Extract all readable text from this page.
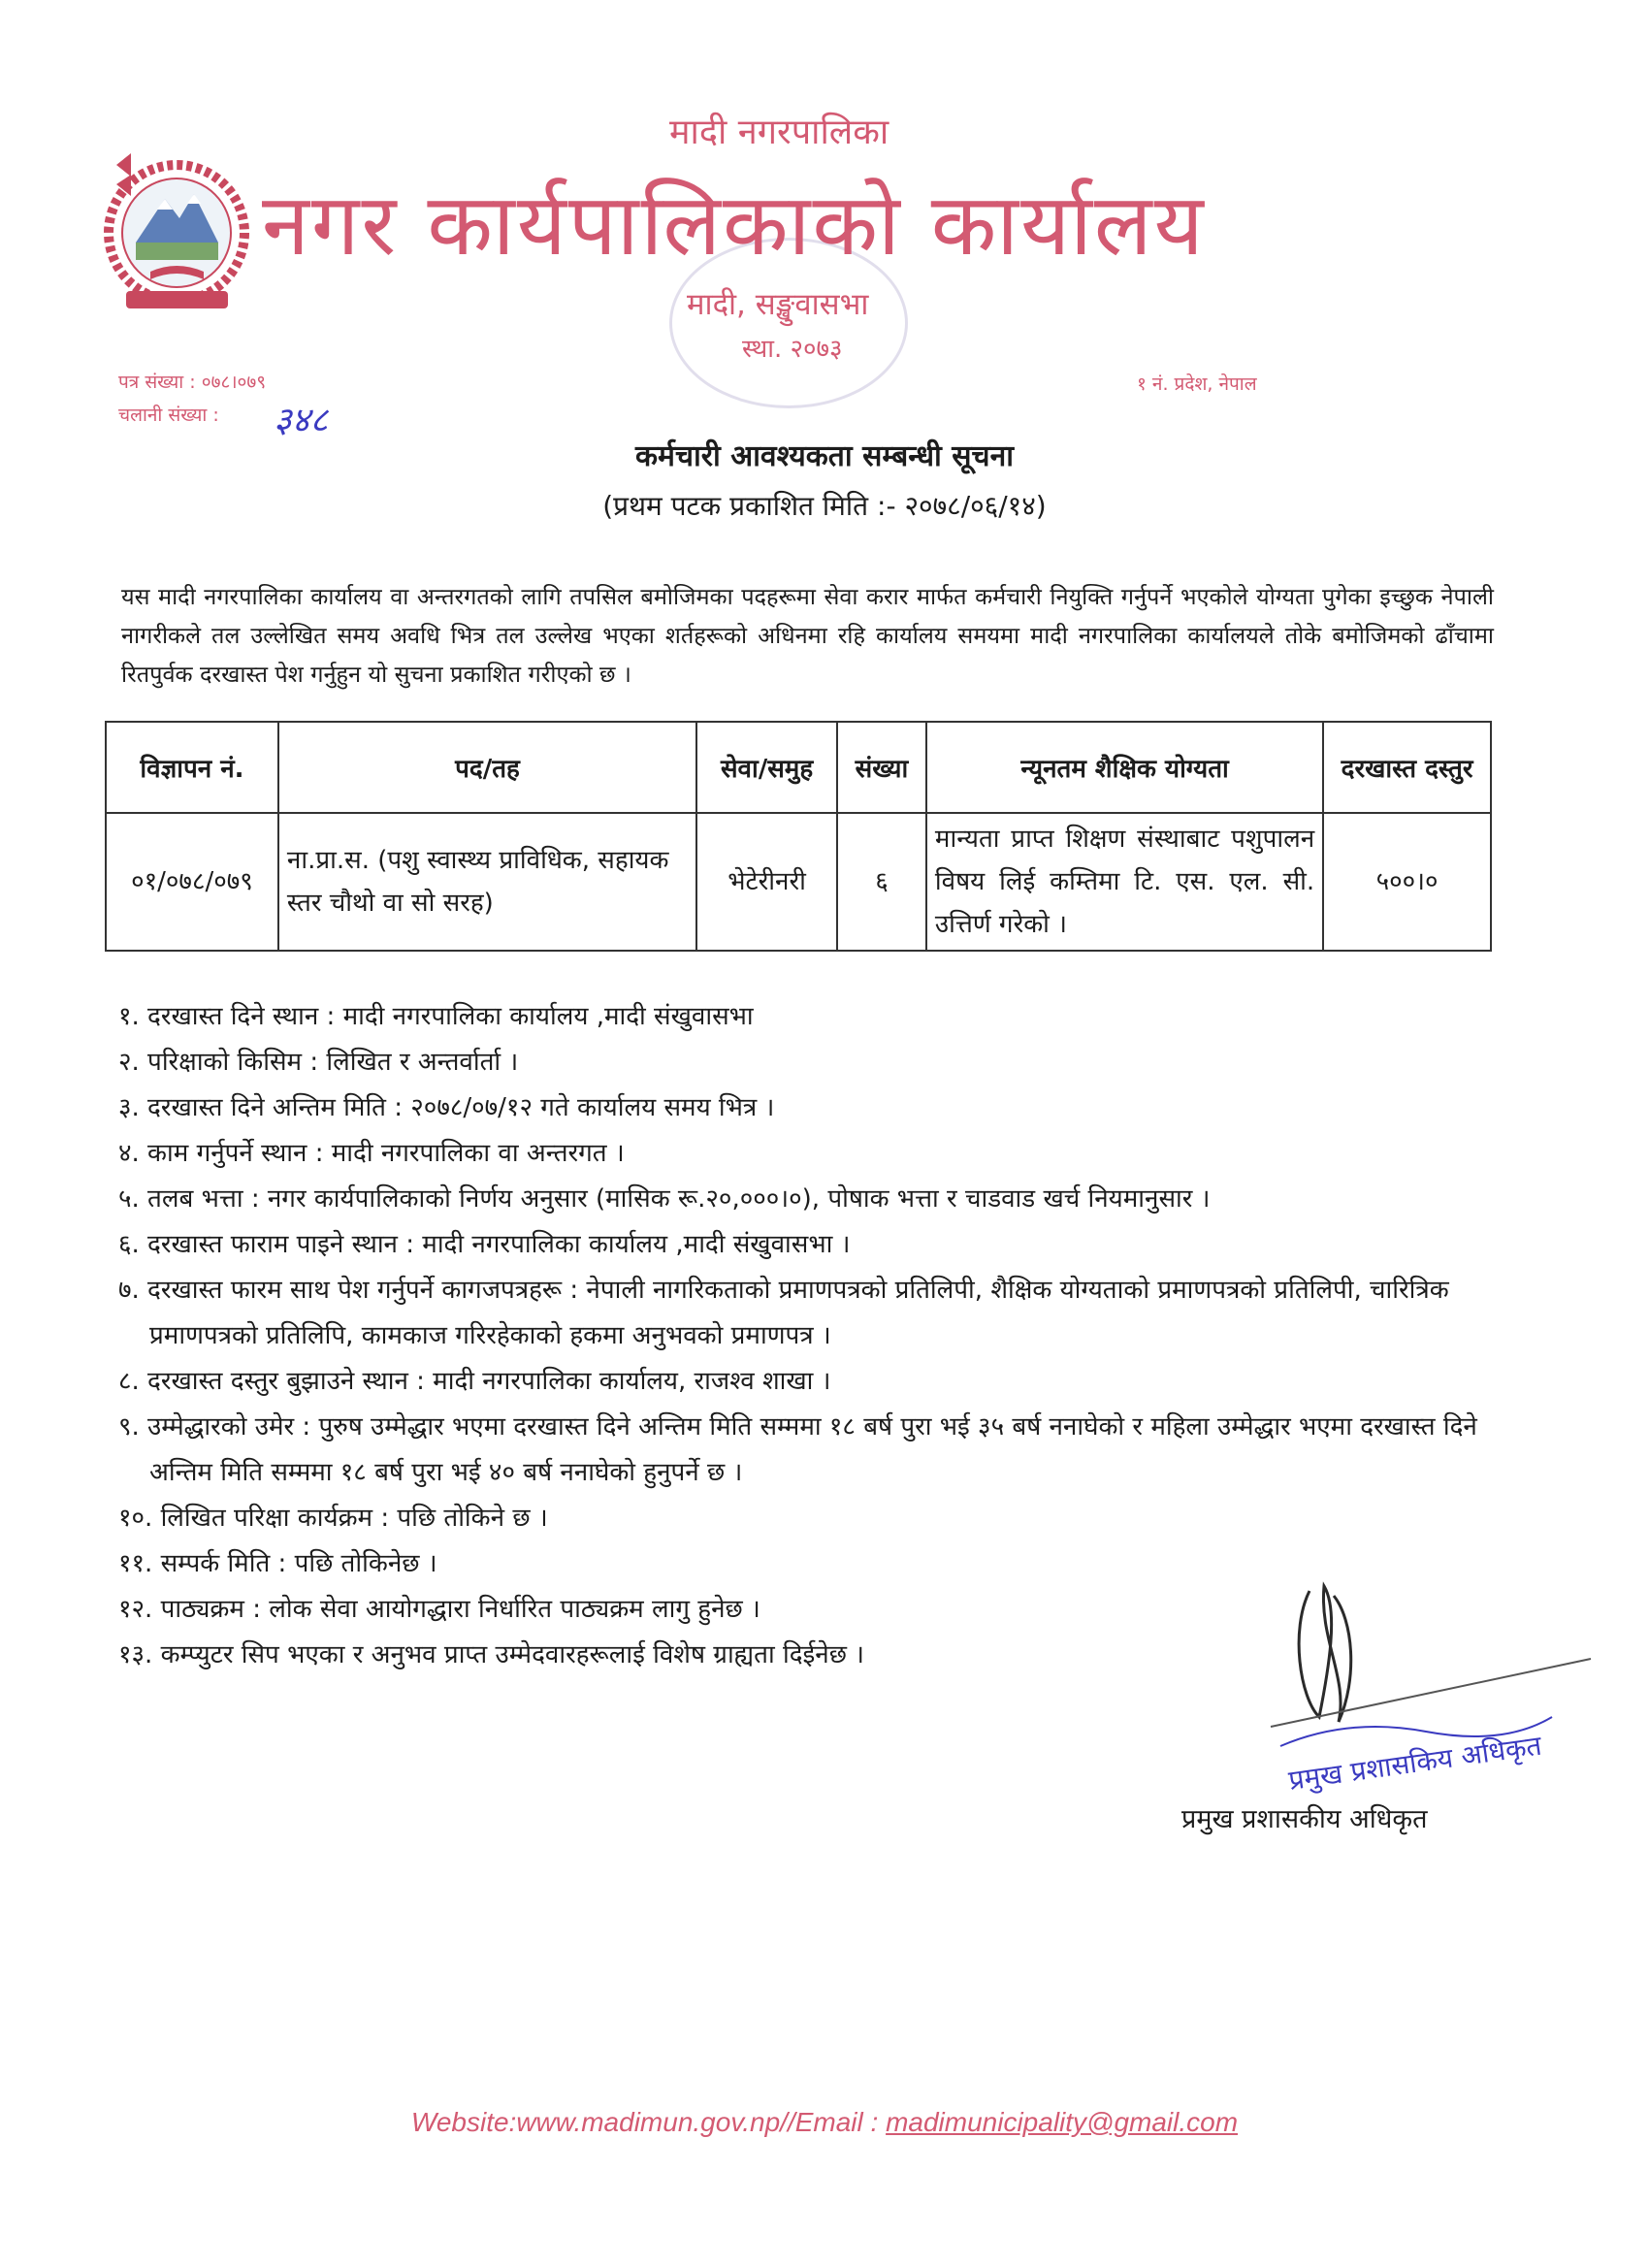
मादी नगरपालिका
नगर कार्यपालिकाको कार्यालय
मादी, सङ्खुवासभा
स्था. २०७३
पत्र संख्या : ०७८।०७९
चलानी संख्या : ३४८
१ नं. प्रदेश, नेपाल
कर्मचारी आवश्यकता सम्बन्धी सूचना
(प्रथम पटक प्रकाशित मिति :- २०७८/०६/१४)
यस मादी नगरपालिका कार्यालय वा अन्तरगतको लागि तपसिल बमोजिमका पदहरूमा सेवा करार मार्फत कर्मचारी नियुक्ति गर्नुपर्ने भएकोले योग्यता पुगेका इच्छुक नेपाली नागरीकले तल उल्लेखित समय अवधि भित्र तल उल्लेख भएका शर्तहरूको अधिनमा रहि कार्यालय समयमा मादी नगरपालिका कार्यालयले तोके बमोजिमको ढाँचामा रितपुर्वक दरखास्त पेश गर्नुहुन यो सुचना प्रकाशित गरीएको छ ।
विज्ञापन नं.	पद/तह	सेवा/समुह	संख्या	न्यूनतम शैक्षिक योग्यता	दरखास्त दस्तुर
०१/०७८/०७९	ना.प्रा.स. (पशु स्वास्थ्य प्राविधिक, सहायक स्तर चौथो वा सो सरह)	भेटेरीनरी	६	मान्यता प्राप्त शिक्षण संस्थाबाट पशुपालन विषय लिई कम्तिमा टि. एस. एल. सी. उत्तिर्ण गरेको ।	५००।०
१. दरखास्त दिने स्थान : मादी नगरपालिका कार्यालय ,मादी संखुवासभा
२. परिक्षाको किसिम : लिखित र अन्तर्वार्ता ।
३. दरखास्त दिने अन्तिम मिति : २०७८/०७/१२ गते कार्यालय समय भित्र ।
४. काम गर्नुपर्ने स्थान : मादी नगरपालिका वा अन्तरगत ।
५. तलब भत्ता : नगर कार्यपालिकाको निर्णय अनुसार (मासिक रू.२०,०००।०), पोषाक भत्ता र चाडवाड खर्च नियमानुसार ।
६. दरखास्त फाराम पाइने स्थान : मादी नगरपालिका कार्यालय ,मादी संखुवासभा ।
७. दरखास्त फारम साथ पेश गर्नुपर्ने कागजपत्रहरू : नेपाली नागरिकताको प्रमाणपत्रको प्रतिलिपी, शैक्षिक योग्यताको प्रमाणपत्रको प्रतिलिपी, चारित्रिक प्रमाणपत्रको प्रतिलिपि, कामकाज गरिरहेकाको हकमा अनुभवको प्रमाणपत्र ।
८. दरखास्त दस्तुर बुझाउने स्थान : मादी नगरपालिका कार्यालय, राजश्व शाखा ।
९. उम्मेद्धारको उमेर : पुरुष उम्मेद्धार भएमा दरखास्त दिने अन्तिम मिति सम्ममा १८ बर्ष पुरा भई ३५ बर्ष ननाघेको र महिला उम्मेद्धार भएमा दरखास्त दिने अन्तिम मिति सम्ममा १८ बर्ष पुरा भई ४० बर्ष ननाघेको हुनुपर्ने छ ।
१०. लिखित परिक्षा कार्यक्रम : पछि तोकिने छ ।
११. सम्पर्क मिति : पछि तोकिनेछ ।
१२. पाठ्यक्रम : लोक सेवा आयोगद्धारा निर्धारित पाठ्यक्रम लागु हुनेछ ।
१३. कम्प्युटर सिप भएका र अनुभव प्राप्त उम्मेदवारहरूलाई विशेष ग्राह्यता दिईनेछ ।
प्रमुख प्रशासकिय अधिकृत
प्रमुख प्रशासकीय अधिकृत
Website:www.madimun.gov.np//Email : madimunicipality@gmail.com
